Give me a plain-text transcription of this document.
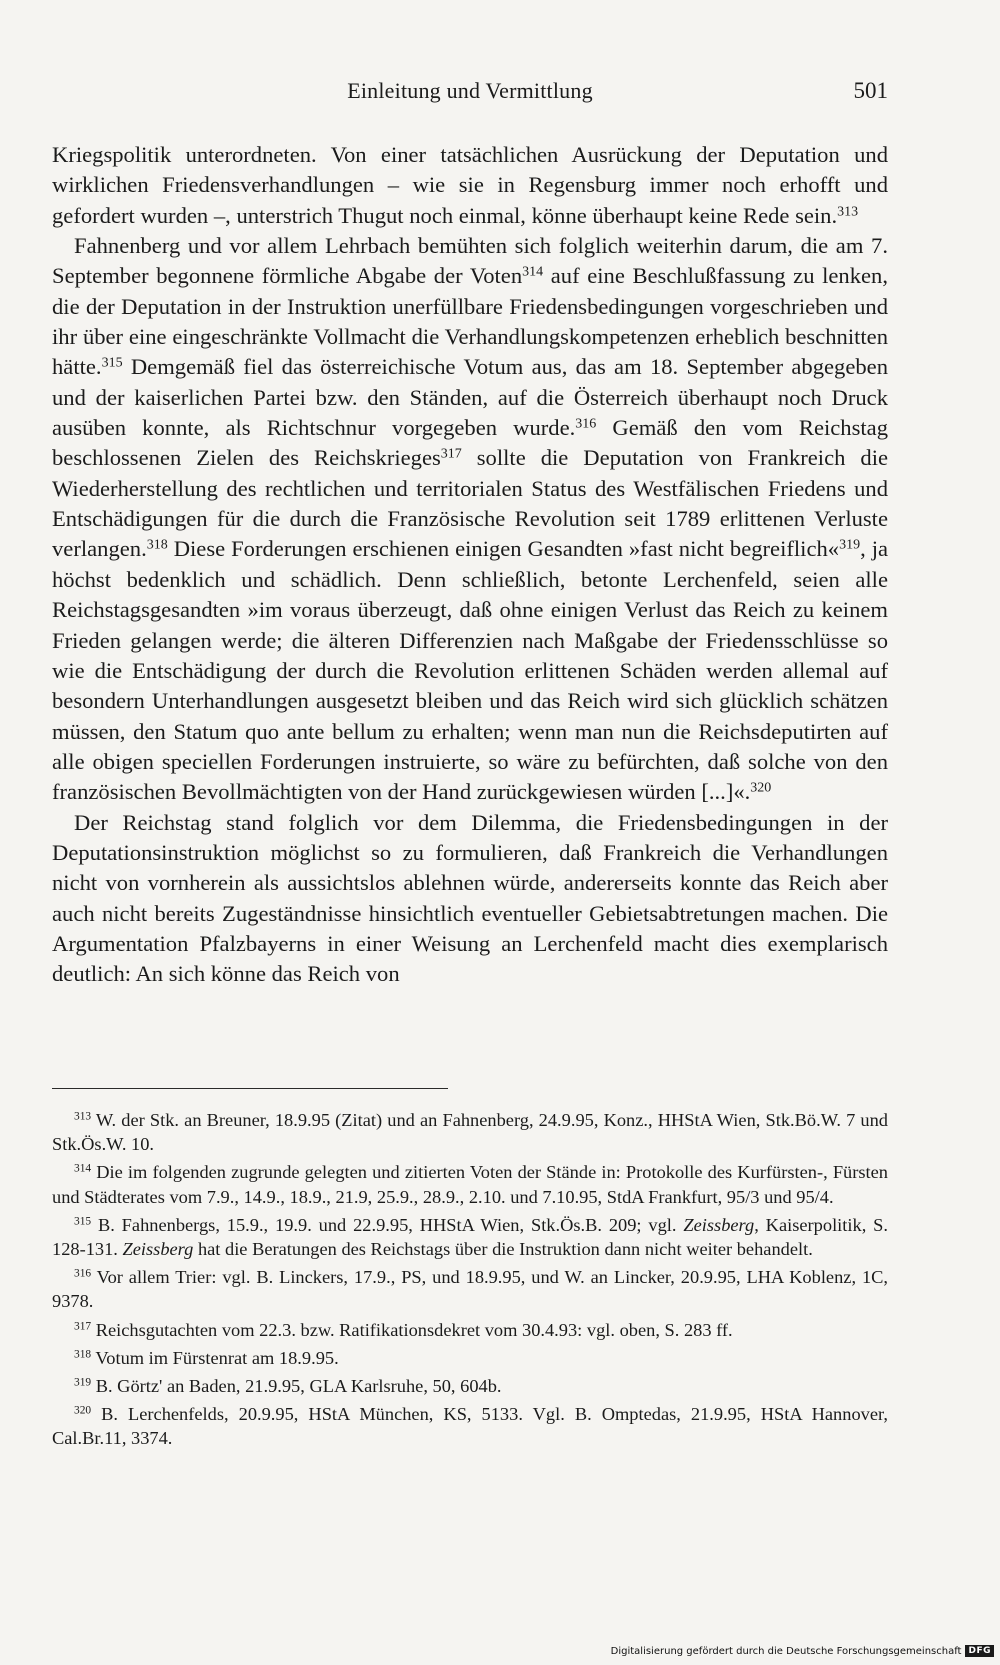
Einleitung und Vermittlung	501

Kriegspolitik unterordneten. Von einer tatsächlichen Ausrückung der Deputation und wirklichen Friedensverhandlungen – wie sie in Regensburg immer noch erhofft und gefordert wurden –, unterstrich Thugut noch einmal, könne überhaupt keine Rede sein.$^{313}$

Fahnenberg und vor allem Lehrbach bemühten sich folglich weiterhin darum, die am 7. September begonnene förmliche Abgabe der Voten$^{314}$ auf eine Beschlußfassung zu lenken, die der Deputation in der Instruktion unerfüllbare Friedensbedingungen vorgeschrieben und ihr über eine eingeschränkte Vollmacht die Verhandlungskompetenzen erheblich beschnitten hätte.$^{315}$ Demgemäß fiel das österreichische Votum aus, das am 18. September abgegeben und der kaiserlichen Partei bzw. den Ständen, auf die Österreich überhaupt noch Druck ausüben konnte, als Richtschnur vorgegeben wurde.$^{316}$ Gemäß den vom Reichstag beschlossenen Zielen des Reichskrieges$^{317}$ sollte die Deputation von Frankreich die Wiederherstellung des rechtlichen und territorialen Status des Westfälischen Friedens und Entschädigungen für die durch die Französische Revolution seit 1789 erlittenen Verluste verlangen.$^{318}$ Diese Forderungen erschienen einigen Gesandten »fast nicht begreiflich«$^{319}$, ja höchst bedenklich und schädlich. Denn schließlich, betonte Lerchenfeld, seien alle Reichstagsgesandten »im voraus überzeugt, daß ohne einigen Verlust das Reich zu keinem Frieden gelangen werde; die älteren Differenzien nach Maßgabe der Friedensschlüsse so wie die Entschädigung der durch die Revolution erlittenen Schäden werden allemal auf besondern Unterhandlungen ausgesetzt bleiben und das Reich wird sich glücklich schätzen müssen, den Statum quo ante bellum zu erhalten; wenn man nun die Reichsdeputirten auf alle obigen speciellen Forderungen instruierte, so wäre zu befürchten, daß solche von den französischen Bevollmächtigten von der Hand zurückgewiesen würden [...]«.$^{320}$

Der Reichstag stand folglich vor dem Dilemma, die Friedensbedingungen in der Deputationsinstruktion möglichst so zu formulieren, daß Frankreich die Verhandlungen nicht von vornherein als aussichtslos ablehnen würde, andererseits konnte das Reich aber auch nicht bereits Zugeständnisse hinsichtlich eventueller Gebietsabtretungen machen. Die Argumentation Pfalzbayerns in einer Weisung an Lerchenfeld macht dies exemplarisch deutlich: An sich könne das Reich von

$^{313}$ W. der Stk. an Breuner, 18.9.95 (Zitat) und an Fahnenberg, 24.9.95, Konz., HHStA Wien, Stk.Bö.W. 7 und Stk.Ös.W. 10.

$^{314}$ Die im folgenden zugrunde gelegten und zitierten Voten der Stände in: Protokolle des Kurfürsten-, Fürsten und Städterates vom 7.9., 14.9., 18.9., 21.9, 25.9., 28.9., 2.10. und 7.10.95, StdA Frankfurt, 95/3 und 95/4.

$^{315}$ B. Fahnenbergs, 15.9., 19.9. und 22.9.95, HHStA Wien, Stk.Ös.B. 209; vgl. Zeissberg, Kaiserpolitik, S. 128-131. Zeissberg hat die Beratungen des Reichstags über die Instruktion dann nicht weiter behandelt.

$^{316}$ Vor allem Trier: vgl. B. Linckers, 17.9., PS, und 18.9.95, und W. an Lincker, 20.9.95, LHA Koblenz, 1C, 9378.

$^{317}$ Reichsgutachten vom 22.3. bzw. Ratifikationsdekret vom 30.4.93: vgl. oben, S. 283 ff.

$^{318}$ Votum im Fürstenrat am 18.9.95.

$^{319}$ B. Görtz' an Baden, 21.9.95, GLA Karlsruhe, 50, 604b.

$^{320}$ B. Lerchenfelds, 20.9.95, HStA München, KS, 5133. Vgl. B. Omptedas, 21.9.95, HStA Hannover, Cal.Br.11, 3374.

Digitalisierung gefördert durch die Deutsche Forschungsgemeinschaft DFG
